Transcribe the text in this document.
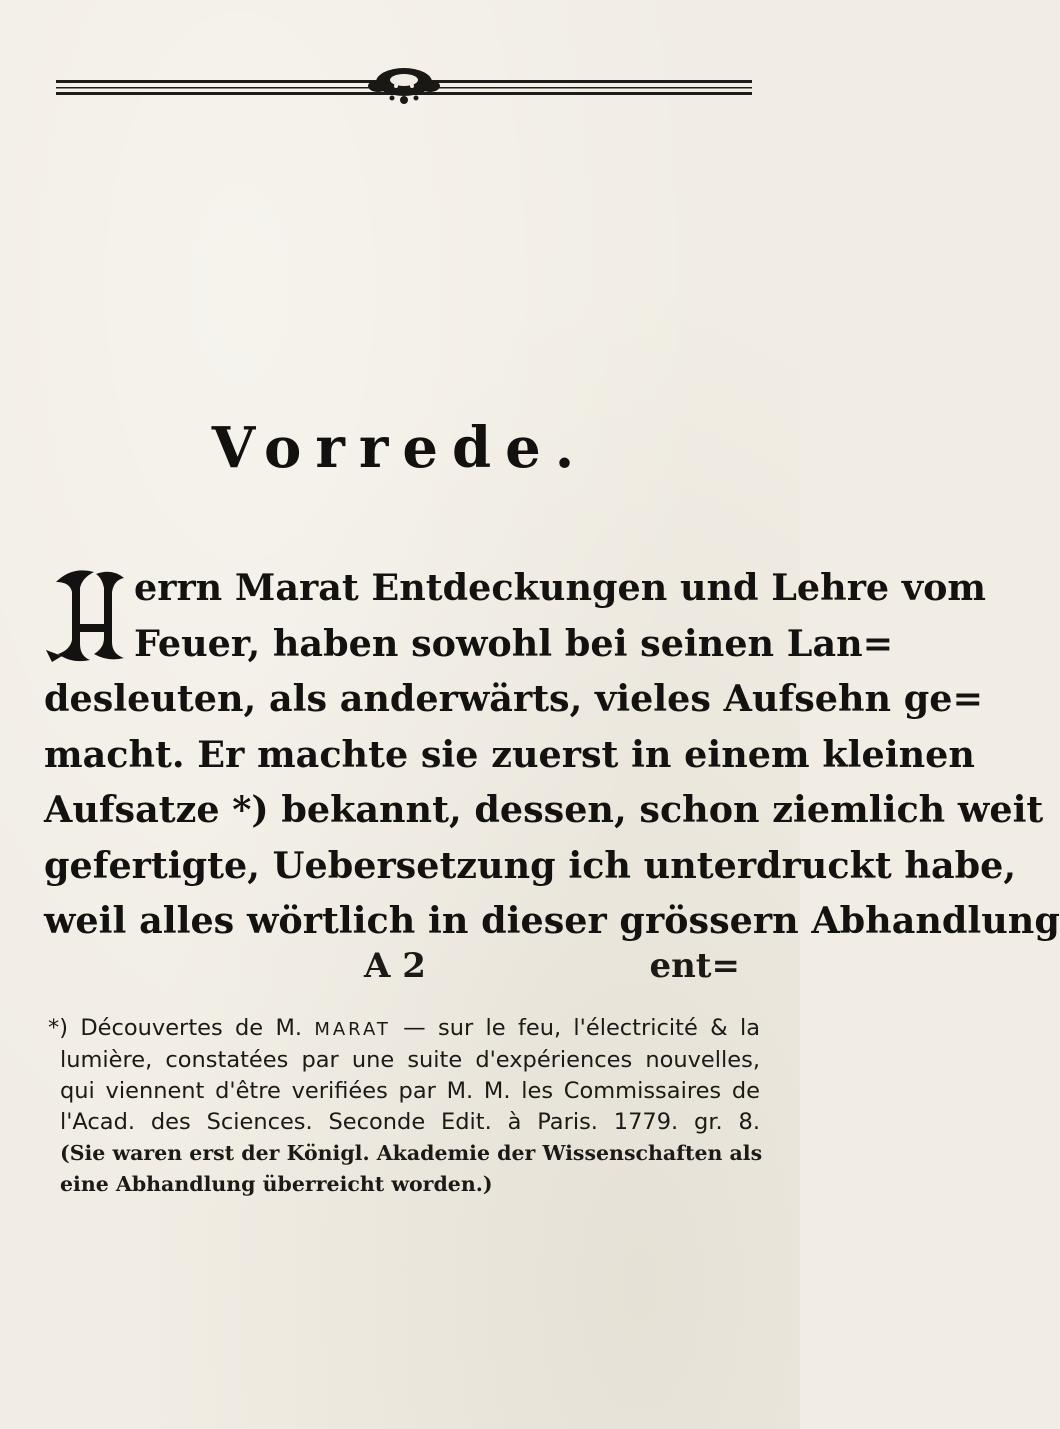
Vorrede.
errn Marat Entdeckungen und Lehre vom
Feuer, haben sowohl bei seinen Lan=
desleuten, als anderwärts, vieles Aufsehn ge=
macht. Er machte sie zuerst in einem kleinen
Aufsatze *) bekannt, dessen, schon ziemlich weit
gefertigte, Uebersetzung ich unterdruckt habe,
weil alles wörtlich in dieser grössern Abhandlung
A 2	ent=
*) Découvertes de M. MARAT — sur le feu, l'électricité & la
lumière, constatées par une suite d'expériences nouvelles,
qui viennent d'être verifiées par M. M. les Commissaires de
l'Acad. des Sciences. Seconde Edit. à Paris. 1779. gr. 8.
(Sie waren erst der Königl. Akademie der Wissenschaften als
eine Abhandlung überreicht worden.)
